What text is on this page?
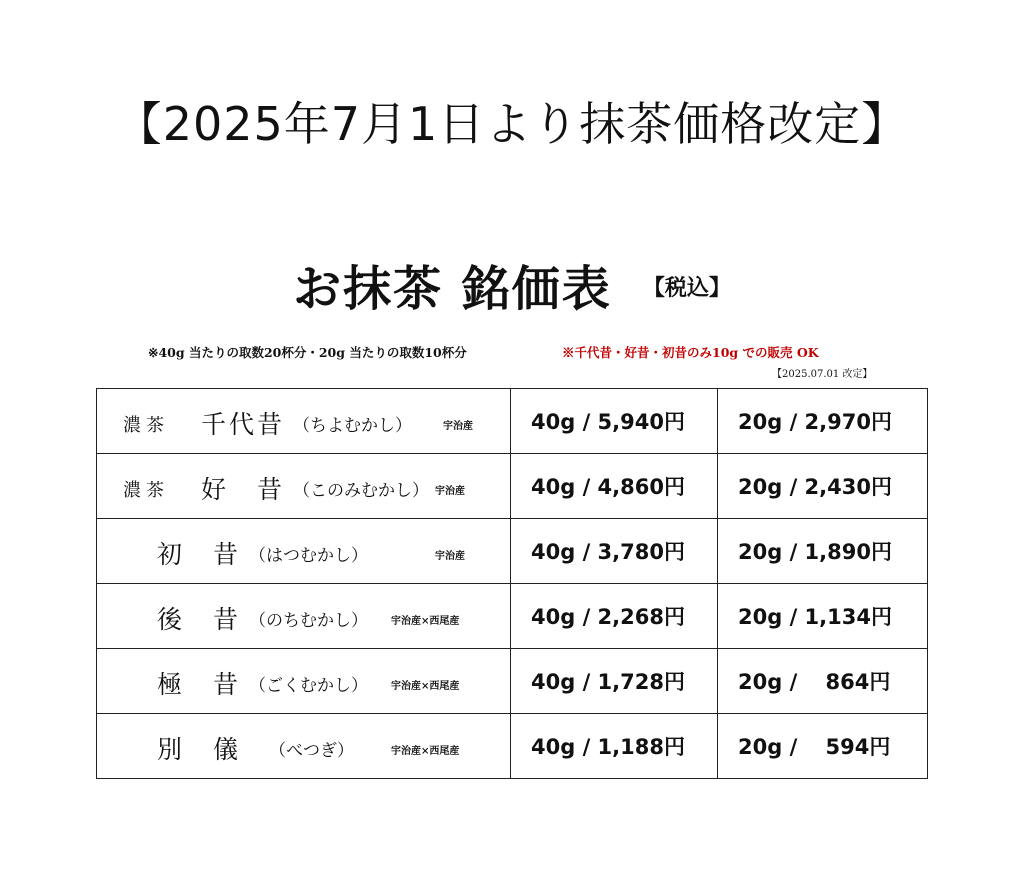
【2025年7月1日より抹茶価格改定】
お抹茶 銘価表 【税込】
※40g 当たりの取数20杯分・20g 当たりの取数10杯分	※千代昔・好昔・初昔のみ10g での販売 OK
【2025.07.01 改定】
濃茶 千代昔 （ちよむかし） 宇治産	40g / 5,940円	20g / 2,970円

濃茶 好　昔 （このみむかし） 宇治産	40g / 4,860円	20g / 2,430円

初　昔 （はつむかし） 宇治産	40g / 3,780円	20g / 1,890円

後　昔 （のちむかし） 宇治産×西尾産	40g / 2,268円	20g / 1,134円

極　昔 （ごくむかし） 宇治産×西尾産	40g / 1,728円	20g /　 864円

別　儀 （べつぎ） 宇治産×西尾産	40g / 1,188円	20g /　 594円
